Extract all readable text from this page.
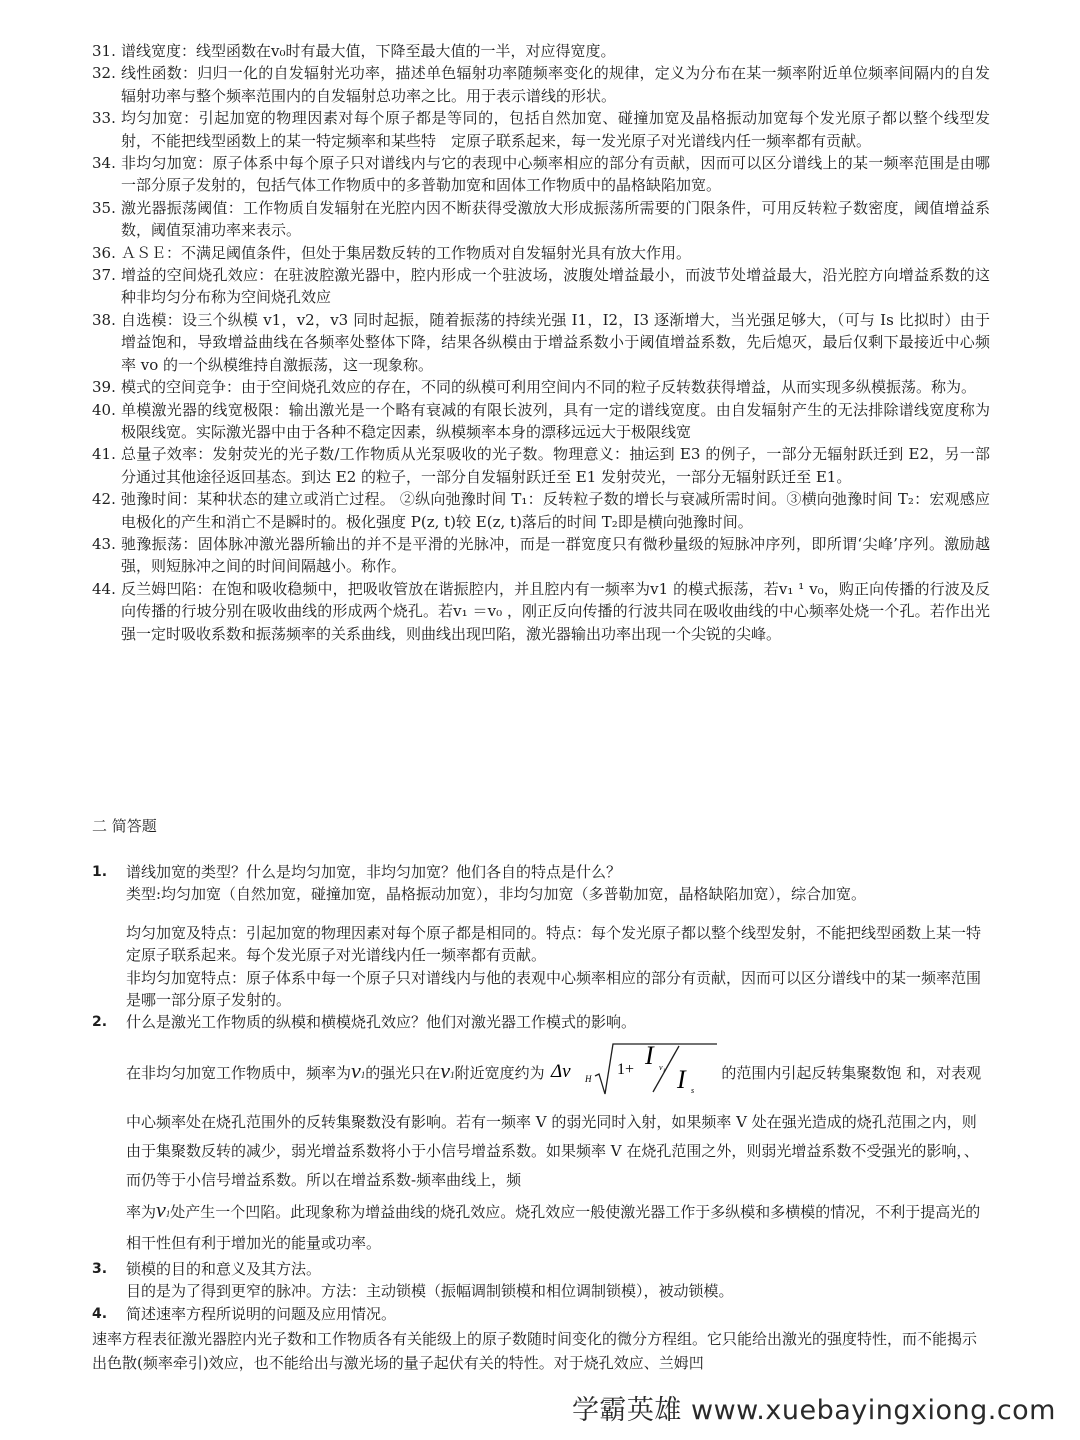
31. 谱线宽度：线型函数在v₀时有最大值，下降至最大值的一半，对应得宽度。
32. 线性函数：归归一化的自发辐射光功率，描述单色辐射功率随频率变化的规律，定义为分布在某一频率附近单位频率间隔内的自发辐射功率与整个频率范围内的自发辐射总功率之比。用于表示谱线的形状。
33. 均匀加宽：引起加宽的物理因素对每个原子都是等同的，包括自然加宽、碰撞加宽及晶格振动加宽每个发光原子都以整个线型发射，不能把线型函数上的某一特定频率和某些特　定原子联系起来，每一发光原子对光谱线内任一频率都有贡献。
34. 非均匀加宽：原子体系中每个原子只对谱线内与它的表现中心频率相应的部分有贡献，因而可以区分谱线上的某一频率范围是由哪一部分原子发射的，包括气体工作物质中的多普勒加宽和固体工作物质中的晶格缺陷加宽。
35. 激光器振荡阈值：工作物质自发辐射在光腔内因不断获得受激放大形成振荡所需要的门限条件，可用反转粒子数密度，阈值增益系数，阈值泵浦功率来表示。
36. ＡＳＥ：不满足阈值条件，但处于集居数反转的工作物质对自发辐射光具有放大作用。
37. 增益的空间烧孔效应：在驻波腔激光器中，腔内形成一个驻波场，波腹处增益最小，而波节处增益最大，沿光腔方向增益系数的这种非均匀分布称为空间烧孔效应
38. 自选模：设三个纵模 v1，v2，v3 同时起振，随着振荡的持续光强 I1，I2，I3 逐渐增大，当光强足够大，（可与 Is 比拟时）由于增益饱和，导致增益曲线在各频率处整体下降，结果各纵模由于增益系数小于阈值增益系数，先后熄灭，最后仅剩下最接近中心频率 vo 的一个纵模维持自激振荡，这一现象称。
39. 模式的空间竞争：由于空间烧孔效应的存在，不同的纵模可利用空间内不同的粒子反转数获得增益，从而实现多纵模振荡。称为。
40. 单模激光器的线宽极限：输出激光是一个略有衰减的有限长波列，具有一定的谱线宽度。由自发辐射产生的无法排除谱线宽度称为极限线宽。实际激光器中由于各种不稳定因素，纵模频率本身的漂移远远大于极限线宽
41. 总量子效率：发射荧光的光子数/工作物质从光泵吸收的光子数。物理意义：抽运到 E3 的例子，一部分无辐射跃迁到 E2，另一部分通过其他途径返回基态。到达 E2 的粒子，一部分自发辐射跃迁至 E1 发射荧光，一部分无辐射跃迁至 E1。
42. 弛豫时间：某种状态的建立或消亡过程。 ②纵向弛豫时间 T₁：反转粒子数的增长与衰减所需时间。③横向弛豫时间 T₂：宏观感应电极化的产生和消亡不是瞬时的。极化强度 P(z, t)较 E(z, t)落后的时间 T₂即是横向弛豫时间。
43. 驰豫振荡：固体脉冲激光器所输出的并不是平滑的光脉冲，而是一群宽度只有微秒量级的短脉冲序列，即所谓‘尖峰’序列。激励越强，则短脉冲之间的时间间隔越小。称作。
44. 反兰姆凹陷：在饱和吸收稳频中，把吸收管放在谐振腔内，并且腔内有一频率为v1 的模式振荡，若v₁ ¹ v₀，购正向传播的行波及反向传播的行坡分别在吸收曲线的形成两个烧孔。若v₁ ＝v₀ ，刚正反向传播的行波共同在吸收曲线的中心频率处烧一个孔。若作出光强一定时吸收系数和振荡频率的关系曲线，则曲线出现凹陷，激光器输出功率出现一个尖锐的尖峰。
二 简答题
1.	谱线加宽的类型？什么是均匀加宽，非均匀加宽？他们各自的特点是什么？
类型:均匀加宽（自然加宽，碰撞加宽，晶格振动加宽），非均匀加宽（多普勒加宽，晶格缺陷加宽），综合加宽。
均匀加宽及特点：引起加宽的物理因素对每个原子都是相同的。特点：每个发光原子都以整个线型发射，不能把线型函数上某一特定原子联系起来。每个发光原子对光谱线内任一频率都有贡献。
非均匀加宽特点：原子体系中每一个原子只对谱线内与他的表观中心频率相应的部分有贡献，因而可以区分谱线中的某一频率范围是哪一部分原子发射的。
2.	什么是激光工作物质的纵模和横模烧孔效应？他们对激光器工作模式的影响。
在非均匀加宽工作物质中，频率为ν1的强光只在ν1附近宽度约为 Δν H
1+ I ν₁ I s
的范围内引起反转集聚数饱 和，对表观中心频率处在烧孔范围外的反转集聚数没有影响。若有一频率 V 的弱光同时入射，如果频率 V 处在强光造成的烧孔范围之内，则由于集聚数反转的减少，弱光增益系数将小于小信号增益系数。如果频率 V 在烧孔范围之外，则弱光增益系数不受强光的影响，、而仍等于小信号增益系数。所以在增益系数-频率曲线上，频
率为ν1处产生一个凹陷。此现象称为增益曲线的烧孔效应。烧孔效应一般使激光器工作于多纵模和多横模的情况，不利于提高光的相干性但有利于增加光的能量或功率。
3.	锁模的目的和意义及其方法。
目的是为了得到更窄的脉冲。方法：主动锁模（振幅调制锁模和相位调制锁模），被动锁模。
4.	简述速率方程所说明的问题及应用情况。
速率方程表征激光器腔内光子数和工作物质各有关能级上的原子数随时间变化的微分方程组。它只能给出激光的强度特性，而不能揭示出色散(频率牵引)效应，也不能给出与激光场的量子起伏有关的特性。对于烧孔效应、兰姆凹
学霸英雄 www.xuebayingxiong.com
